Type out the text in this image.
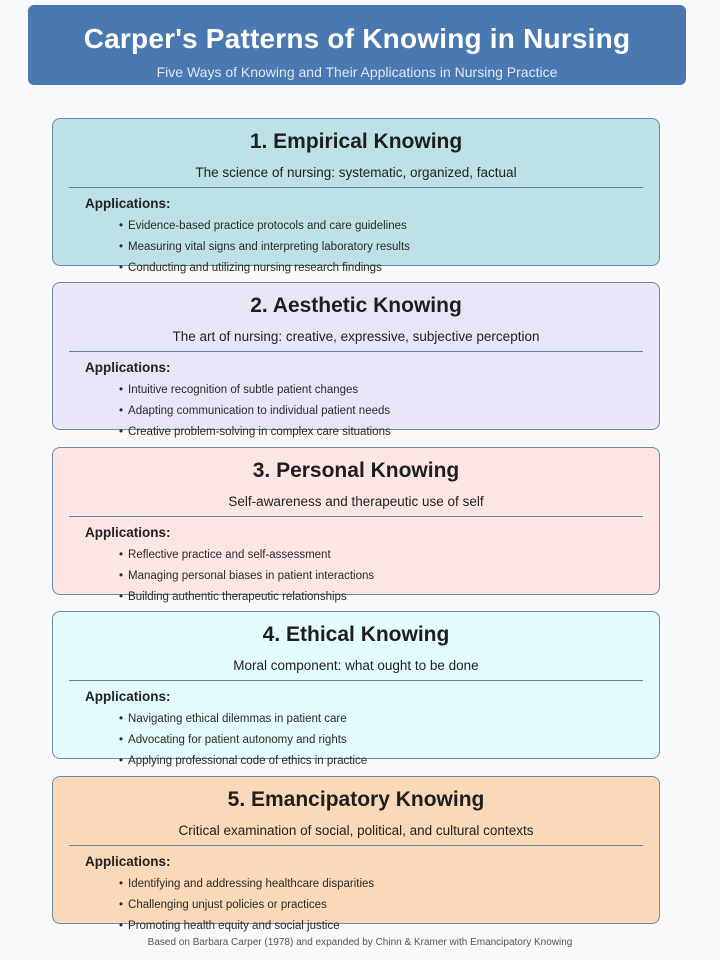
Carper's Patterns of Knowing in Nursing
Five Ways of Knowing and Their Applications in Nursing Practice
1. Empirical Knowing
The science of nursing: systematic, organized, factual
Applications:
• Evidence-based practice protocols and care guidelines
• Measuring vital signs and interpreting laboratory results
• Conducting and utilizing nursing research findings
2. Aesthetic Knowing
The art of nursing: creative, expressive, subjective perception
Applications:
• Intuitive recognition of subtle patient changes
• Adapting communication to individual patient needs
• Creative problem-solving in complex care situations
3. Personal Knowing
Self-awareness and therapeutic use of self
Applications:
• Reflective practice and self-assessment
• Managing personal biases in patient interactions
• Building authentic therapeutic relationships
4. Ethical Knowing
Moral component: what ought to be done
Applications:
• Navigating ethical dilemmas in patient care
• Advocating for patient autonomy and rights
• Applying professional code of ethics in practice
5. Emancipatory Knowing
Critical examination of social, political, and cultural contexts
Applications:
• Identifying and addressing healthcare disparities
• Challenging unjust policies or practices
• Promoting health equity and social justice
Based on Barbara Carper (1978) and expanded by Chinn & Kramer with Emancipatory Knowing
